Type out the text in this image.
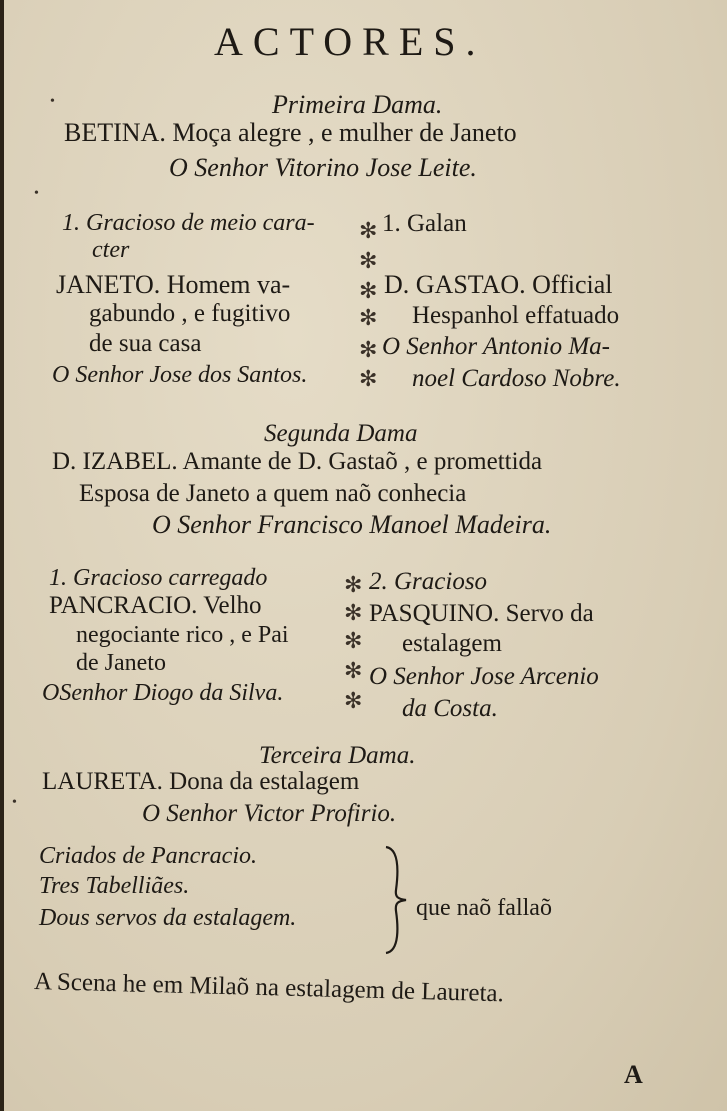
ACTORES.
Primeira Dama.
BETINA. Moça alegre , e mulher de Janeto
O Senhor Vitorino Jose Leite.
1. Gracioso de meio cara-
cter
JANETO. Homem va-
gabundo , e fugitivo
de sua casa
O Senhor Jose dos Santos.
✻
✻
✻
✻
✻
✻
1. Galan
D. GASTAO. Official
Hespanhol effatuado
O Senhor Antonio Ma-
noel Cardoso Nobre.
Segunda Dama
D. IZABEL. Amante de D. Gastaõ , e promettida
Esposa de Janeto a quem naõ conhecia
O Senhor Francisco Manoel Madeira.
1. Gracioso carregado
PANCRACIO. Velho
negociante rico , e Pai
de Janeto
OSenhor Diogo da Silva.
✻
✻
✻
✻
✻
2. Gracioso
PASQUINO. Servo da
estalagem
O Senhor Jose Arcenio
da Costa.
Terceira Dama.
LAURETA. Dona da estalagem
O Senhor Victor Profirio.
Criados de Pancracio.
Tres Tabelliães.
Dous servos da estalagem.	que naõ fallaõ
A Scena he em Milaõ na estalagem de Laureta.
A
•
•
•
